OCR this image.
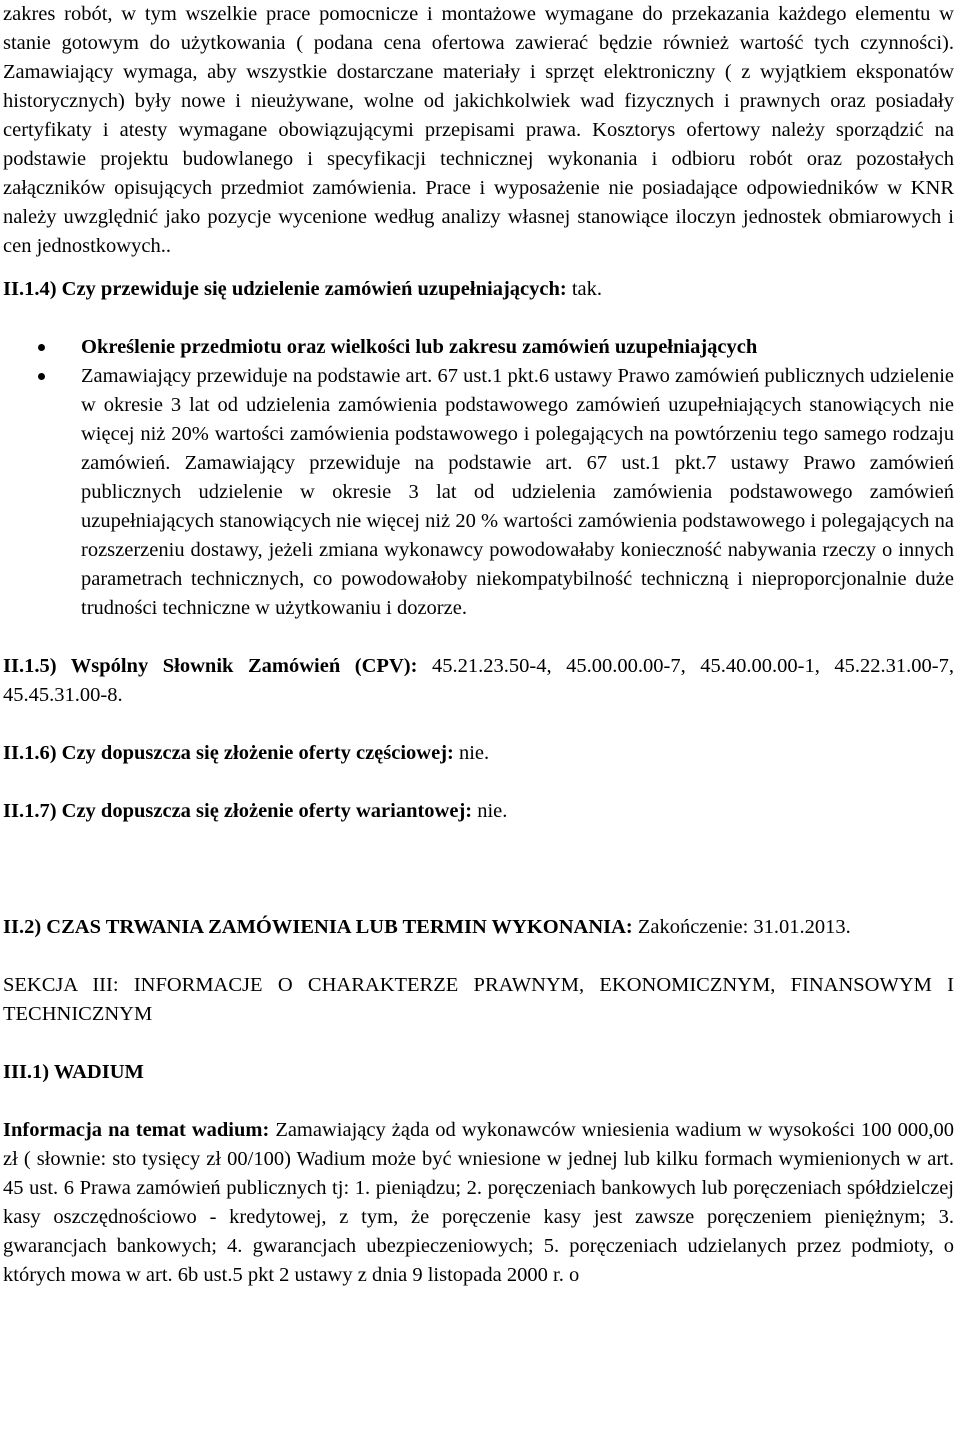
zakres robót, w tym wszelkie prace pomocnicze i montażowe wymagane do przekazania każdego elementu w stanie gotowym do użytkowania ( podana cena ofertowa zawierać będzie również wartość tych czynności). Zamawiający wymaga, aby wszystkie dostarczane materiały i sprzęt elektroniczny ( z wyjątkiem eksponatów historycznych) były nowe i nieużywane, wolne od jakichkolwiek wad fizycznych i prawnych oraz posiadały certyfikaty i atesty wymagane obowiązującymi przepisami prawa. Kosztorys ofertowy należy sporządzić na podstawie projektu budowlanego i specyfikacji technicznej wykonania i odbioru robót oraz pozostałych załączników opisujących przedmiot zamówienia. Prace i wyposażenie nie posiadające odpowiedników w KNR należy uwzględnić jako pozycje wycenione według analizy własnej stanowiące iloczyn jednostek obmiarowych i cen jednostkowych..

II.1.4) Czy przewiduje się udzielenie zamówień uzupełniających: tak.

Określenie przedmiotu oraz wielkości lub zakresu zamówień uzupełniających
Zamawiający przewiduje na podstawie art. 67 ust.1 pkt.6 ustawy Prawo zamówień publicznych udzielenie w okresie 3 lat od udzielenia zamówienia podstawowego zamówień uzupełniających stanowiących nie więcej niż 20% wartości zamówienia podstawowego i polegających na powtórzeniu tego samego rodzaju zamówień. Zamawiający przewiduje na podstawie art. 67 ust.1 pkt.7 ustawy Prawo zamówień publicznych udzielenie w okresie 3 lat od udzielenia zamówienia podstawowego zamówień uzupełniających stanowiących nie więcej niż 20 % wartości zamówienia podstawowego i polegających na rozszerzeniu dostawy, jeżeli zmiana wykonawcy powodowałaby konieczność nabywania rzeczy o innych parametrach technicznych, co powodowałoby niekompatybilność techniczną i nieproporcjonalnie duże trudności techniczne w użytkowaniu i dozorze.

II.1.5) Wspólny Słownik Zamówień (CPV): 45.21.23.50-4, 45.00.00.00-7, 45.40.00.00-1, 45.22.31.00-7, 45.45.31.00-8.

II.1.6) Czy dopuszcza się złożenie oferty częściowej: nie.

II.1.7) Czy dopuszcza się złożenie oferty wariantowej: nie.

II.2) CZAS TRWANIA ZAMÓWIENIA LUB TERMIN WYKONANIA: Zakończenie: 31.01.2013.

SEKCJA III: INFORMACJE O CHARAKTERZE PRAWNYM, EKONOMICZNYM, FINANSOWYM I TECHNICZNYM

III.1) WADIUM

Informacja na temat wadium: Zamawiający żąda od wykonawców wniesienia wadium w wysokości 100 000,00 zł ( słownie: sto tysięcy zł 00/100) Wadium może być wniesione w jednej lub kilku formach wymienionych w art. 45 ust. 6 Prawa zamówień publicznych tj: 1. pieniądzu; 2. poręczeniach bankowych lub poręczeniach spółdzielczej kasy oszczędnościowo - kredytowej, z tym, że poręczenie kasy jest zawsze poręczeniem pieniężnym; 3. gwarancjach bankowych; 4. gwarancjach ubezpieczeniowych; 5. poręczeniach udzielanych przez podmioty, o których mowa w art. 6b ust.5 pkt 2 ustawy z dnia 9 listopada 2000 r. o
